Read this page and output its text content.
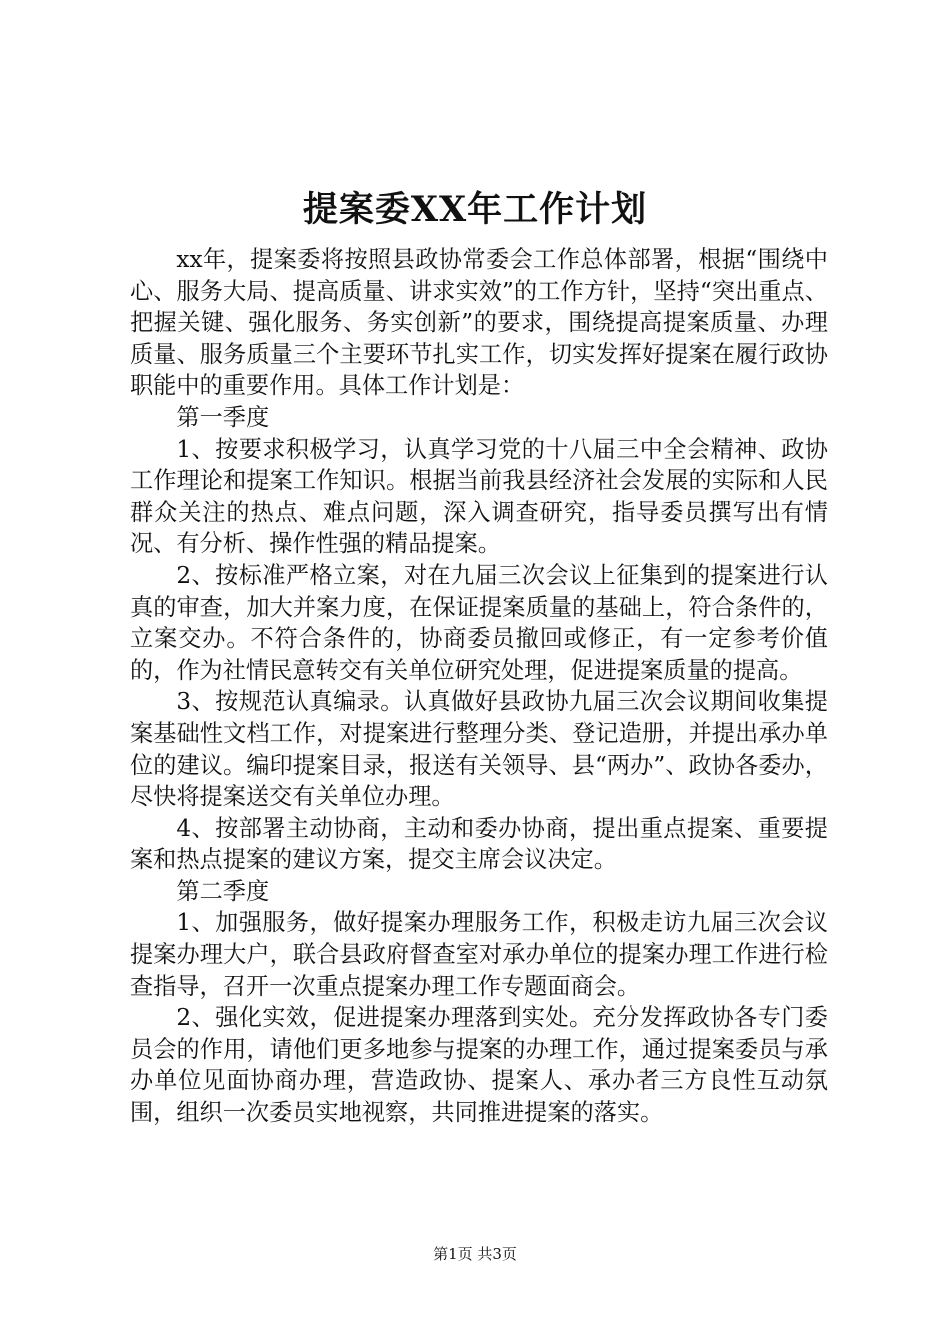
提案委XX年工作计划

xx年，提案委将按照县政协常委会工作总体部署，根据“围绕中心、服务大局、提高质量、讲求实效”的工作方针，坚持“突出重点、把握关键、强化服务、务实创新”的要求，围绕提高提案质量、办理质量、服务质量三个主要环节扎实工作，切实发挥好提案在履行政协职能中的重要作用。具体工作计划是：

第一季度

1、按要求积极学习，认真学习党的十八届三中全会精神、政协工作理论和提案工作知识。根据当前我县经济社会发展的实际和人民群众关注的热点、难点问题，深入调查研究，指导委员撰写出有情况、有分析、操作性强的精品提案。

2、按标准严格立案，对在九届三次会议上征集到的提案进行认真的审查，加大并案力度，在保证提案质量的基础上，符合条件的，立案交办。不符合条件的，协商委员撤回或修正，有一定参考价值的，作为社情民意转交有关单位研究处理，促进提案质量的提高。

3、按规范认真编录。认真做好县政协九届三次会议期间收集提案基础性文档工作，对提案进行整理分类、登记造册，并提出承办单位的建议。编印提案目录，报送有关领导、县“两办”、政协各委办，尽快将提案送交有关单位办理。

4、按部署主动协商，主动和委办协商，提出重点提案、重要提案和热点提案的建议方案，提交主席会议决定。

第二季度

1、加强服务，做好提案办理服务工作，积极走访九届三次会议提案办理大户，联合县政府督查室对承办单位的提案办理工作进行检查指导，召开一次重点提案办理工作专题面商会。

2、强化实效，促进提案办理落到实处。充分发挥政协各专门委员会的作用，请他们更多地参与提案的办理工作，通过提案委员与承办单位见面协商办理，营造政协、提案人、承办者三方良性互动氛围，组织一次委员实地视察，共同推进提案的落实。

第1页 共3页
